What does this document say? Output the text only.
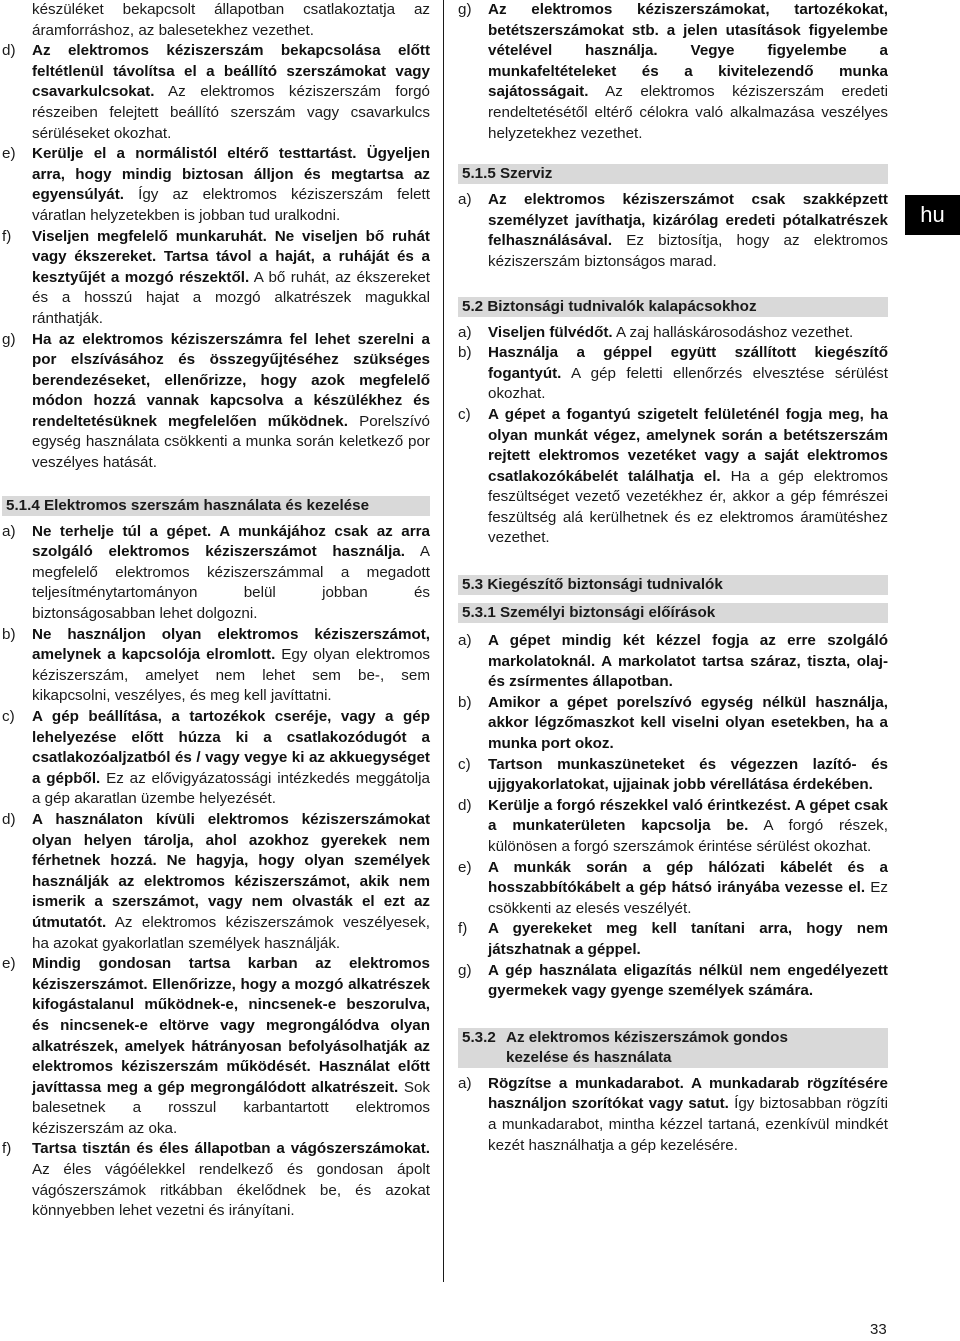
készüléket bekapcsolt állapotban csatlakoztatja az áramforráshoz, az balesetekhez vezethet.
d) Az elektromos kéziszerszám bekapcsolása előtt feltétlenül távolítsa el a beállító szerszámokat vagy csavarkulcsokat. Az elektromos kéziszerszám forgó részeiben felejtett beállító szerszám vagy csavarkulcs sérüléseket okozhat.
e) Kerülje el a normálistól eltérő testtartást. Ügyeljen arra, hogy mindig biztosan álljon és megtartsa az egyensúlyát. Így az elektromos kéziszerszám felett váratlan helyzetekben is jobban tud uralkodni.
f) Viseljen megfelelő munkaruhát. Ne viseljen bő ruhát vagy ékszereket. Tartsa távol a haját, a ruháját és a kesztyűjét a mozgó részektől. A bő ruhát, az ékszereket és a hosszú hajat a mozgó alkatrészek magukkal ránthatják.
g) Ha az elektromos kéziszerszámra fel lehet szerelni a por elszívásához és összegyűjtéséhez szükséges berendezéseket, ellenőrizze, hogy azok megfelelő módon hozzá vannak kapcsolva a készülékhez és rendeltetésüknek megfelelően működnek. Porelszívó egység használata csökkenti a munka során keletkező por veszélyes hatását.
5.1.4 Elektromos szerszám használata és kezelése
a) Ne terhelje túl a gépet. A munkájához csak az arra szolgáló elektromos kéziszerszámot használja. A megfelelő elektromos kéziszerszámmal a megadott teljesítménytartományon belül jobban és biztonságosabban lehet dolgozni.
b) Ne használjon olyan elektromos kéziszerszámot, amelynek a kapcsolója elromlott. Egy olyan elektromos kéziszerszám, amelyet nem lehet sem be-, sem kikapcsolni, veszélyes, és meg kell javíttatni.
c) A gép beállítása, a tartozékok cseréje, vagy a gép lehelyezése előtt húzza ki a csatlakozódugót a csatlakozóaljzatból és / vagy vegye ki az akkuegységet a gépből. Ez az elővigyázatossági intézkedés meggátolja a gép akaratlan üzembe helyezését.
d) A használaton kívüli elektromos kéziszerszámokat olyan helyen tárolja, ahol azokhoz gyerekek nem férhetnek hozzá. Ne hagyja, hogy olyan személyek használják az elektromos kéziszerszámot, akik nem ismerik a szerszámot, vagy nem olvasták el ezt az útmutatót. Az elektromos kéziszerszámok veszélyesek, ha azokat gyakorlatlan személyek használják.
e) Mindig gondosan tartsa karban az elektromos kéziszerszámot. Ellenőrizze, hogy a mozgó alkatrészek kifogástalanul működnek-e, nincsenek-e beszorulva, és nincsenek-e eltörve vagy megrongálódva olyan alkatrészek, amelyek hátrányosan befolyásolhatják az elektromos kéziszerszám működését. Használat előtt javíttassa meg a gép megrongálódott alkatrészeit. Sok balesetnek a rosszul karbantartott elektromos kéziszerszám az oka.
f) Tartsa tisztán és éles állapotban a vágószerszámokat. Az éles vágóélekkel rendelkező és gondosan ápolt vágószerszámok ritkábban ékelődnek be, és azokat könnyebben lehet vezetni és irányítani.
g) Az elektromos kéziszerszámokat, tartozékokat, betétszerszámokat stb. a jelen utasítások figyelembe vételével használja. Vegye figyelembe a munkafeltételeket és a kivitelezendő munka sajátosságait. Az elektromos kéziszerszám eredeti rendeltetésétől eltérő célokra való alkalmazása veszélyes helyzetekhez vezethet.
5.1.5 Szerviz
a) Az elektromos kéziszerszámot csak szakképzett személyzet javíthatja, kizárólag eredeti pótalkatrészek felhasználásával. Ez biztosítja, hogy az elektromos kéziszerszám biztonságos marad.
5.2 Biztonsági tudnivalók kalapácsokhoz
a) Viseljen fülvédőt. A zaj halláskárosodáshoz vezethet.
b) Használja a géppel együtt szállított kiegészítő fogantyút. A gép feletti ellenőrzés elvesztése sérülést okozhat.
c) A gépet a fogantyú szigetelt felületénél fogja meg, ha olyan munkát végez, amelynek során a betétszerszám rejtett elektromos vezetéket vagy a saját elektromos csatlakozókábelét találhatja el. Ha a gép elektromos feszültséget vezető vezetékhez ér, akkor a gép fémrészei feszültség alá kerülhetnek és ez elektromos áramütéshez vezethet.
5.3 Kiegészítő biztonsági tudnivalók
5.3.1 Személyi biztonsági előírások
a) A gépet mindig két kézzel fogja az erre szolgáló markolatoknál. A markolatot tartsa száraz, tiszta, olaj- és zsírmentes állapotban.
b) Amikor a gépet porelszívó egység nélkül használja, akkor légzőmaszkot kell viselni olyan esetekben, ha a munka port okoz.
c) Tartson munkaszüneteket és végezzen lazító- és ujjgyakorlatokat, ujjainak jobb vérellátása érdekében.
d) Kerülje a forgó részekkel való érintkezést. A gépet csak a munkaterületen kapcsolja be. A forgó részek, különösen a forgó szerszámok érintése sérülést okozhat.
e) A munkák során a gép hálózati kábelét és a hosszabbítókábelt a gép hátsó irányába vezesse el. Ez csökkenti az elesés veszélyét.
f) A gyerekeket meg kell tanítani arra, hogy nem játszhatnak a géppel.
g) A gép használata eligazítás nélkül nem engedélyezett gyermekek vagy gyenge személyek számára.
5.3.2 Az elektromos kéziszerszámok gondos
kezelése és használata
a) Rögzítse a munkadarabot. A munkadarab rögzítésére használjon szorítókat vagy satut. Így biztosabban rögzíti a munkadarabot, mintha kézzel tartaná, ezenkívül mindkét kezét használhatja a gép kezelésére.
hu
33
